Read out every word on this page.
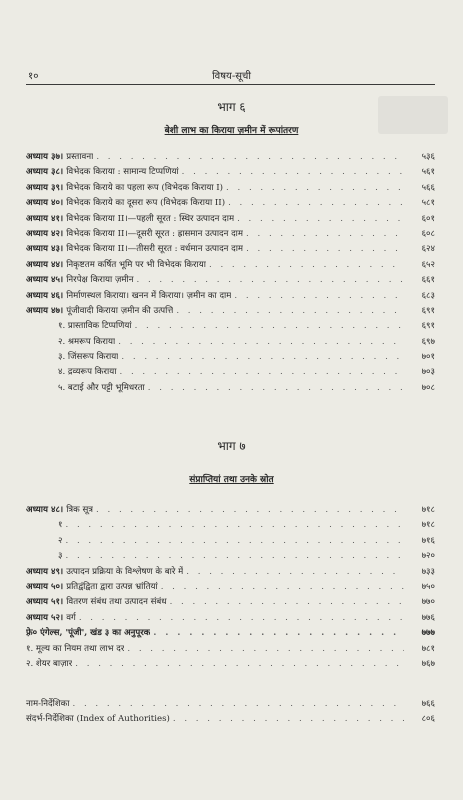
१०	विषय-सूची
भाग ६
बेशी लाभ का किराया ज़मीन में रूपांतरण
अध्याय ३७। प्रस्तावना . . .	५३६
अध्याय ३८। विभेदक किराया : सामान्य टिप्पणियां . . .	५६१
अध्याय ३९। विभेदक किराये का पहला रूप (विभेदक किराया I) . . .	५६६
अध्याय ४०। विभेदक किराये का दूसरा रूप (विभेदक किराया II) . . .	५८१
अध्याय ४१। विभेदक किराया II।—पहली सूरत : स्थिर उत्पादन दाम . . .	६०१
अध्याय ४२। विभेदक किराया II।—दूसरी सूरत : ह्रासमान उत्पादन दाम . . .	६०८
अध्याय ४३। विभेदक किराया II।—तीसरी सूरत : वर्धमान उत्पादन दाम . . .	६२४
अध्याय ४४। निकृष्टतम कर्षित भूमि पर भी विभेदक किराया . . .	६५२
अध्याय ४५। निरपेक्ष किराया ज़मीन . . .	६६१
अध्याय ४६। निर्माणस्थल किराया। खनन में किराया। ज़मीन का दाम . . .	६८३
अध्याय ४७। पूंजीवादी किराया ज़मीन की उत्पत्ति . . .	६९१
१. प्रास्ताविक टिप्पणियां . . .	६९१
२. श्रमरूप किराया . . .	६९७
३. जिंसरूप किराया . . .	७०१
४. द्रव्यरूप किराया . . .	७०३
५. बटाई और पट्टी भूमिधरता . . .	७०८
भाग ७
संप्राप्तियां तथा उनके स्रोत
अध्याय ४८। त्रिक सूत्र . . .	७१८
१ . . .	७१८
२ . . .	७१६
३ . . .	७२०
अध्याय ४९। उत्पादन प्रक्रिया के विश्लेषण के बारे में . . .	७३३
अध्याय ५०। प्रतिद्वंद्विता द्वारा उत्पन्न भ्रांतियां . . .	७५०
अध्याय ५१। वितरण संबंध तथा उत्पादन संबंध . . .	७७०
अध्याय ५२। वर्ग . . .	७७६
फ़्रे० एंगेल्स, 'पूंजी', खंड ३ का अनुपूरक . . .	७७७
१. मूल्य का नियम तथा लाभ दर . . .	७८१
२. शेयर बाज़ार . . .	७६७
नाम-निर्देशिका . . .	७६६
संदर्भ-निर्देशिका (Index of Authorities) . . .	८०६
